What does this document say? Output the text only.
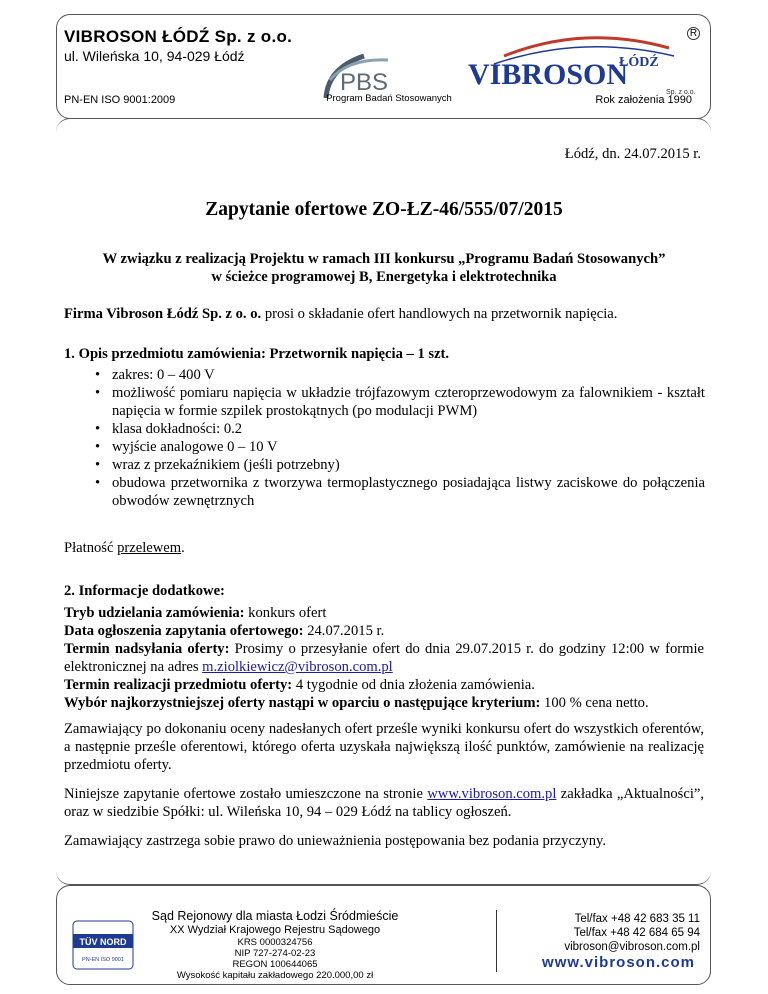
VIBROSON ŁÓDŹ Sp. z o.o.
ul. Wileńska 10, 94-029 Łódź
PN-EN ISO 9001:2009
PBS
Program Badań Stosowanych
ŁÓDŹ
VIBROSON
Sp. z o.o.
R
Rok założenia 1990
Łódź, dn. 24.07.2015 r.
Zapytanie ofertowe ZO-ŁZ-46/555/07/2015
W związku z realizacją Projektu w ramach III konkursu „Programu Badań Stosowanych”
w ścieżce programowej B, Energetyka i elektrotechnika

Firma Vibroson Łódź Sp. z o. o. prosi o składanie ofert handlowych na przetwornik napięcia.

1. Opis przedmiotu zamówienia: Przetwornik napięcia – 1 szt.

• zakres: 0 – 400 V
• możliwość pomiaru napięcia w układzie trójfazowym czteroprzewodowym za falownikiem - kształt napięcia w formie szpilek prostokątnych (po modulacji PWM)
• klasa dokładności: 0.2
• wyjście analogowe 0 – 10 V
• wraz z przekaźnikiem (jeśli potrzebny)
• obudowa przetwornika z tworzywa termoplastycznego posiadająca listwy zaciskowe do połączenia obwodów zewnętrznych

Płatność przelewem.

2. Informacje dodatkowe:

Tryb udzielania zamówienia: konkurs ofert
Data ogłoszenia zapytania ofertowego: 24.07.2015 r.
Termin nadsyłania oferty: Prosimy o przesyłanie ofert do dnia 29.07.2015 r. do godziny 12:00 w formie elektronicznej na adres m.ziolkiewicz@vibroson.com.pl
Termin realizacji przedmiotu oferty: 4 tygodnie od dnia złożenia zamówienia.
Wybór najkorzystniejszej oferty nastąpi w oparciu o następujące kryterium: 100 % cena netto.

Zamawiający po dokonaniu oceny nadesłanych ofert prześle wyniki konkursu ofert do wszystkich oferentów, a następnie prześle oferentowi, którego oferta uzyskała największą ilość punktów, zamówienie na realizację przedmiotu oferty.

Niniejsze zapytanie ofertowe zostało umieszczone na stronie www.vibroson.com.pl zakładka „Aktualności”, oraz w siedzibie Spółki: ul. Wileńska 10, 94 – 029 Łódź na tablicy ogłoszeń.

Zamawiający zastrzega sobie prawo do unieważnienia postępowania bez podania przyczyny.

TÜV NORD
PN-EN ISO 9001
Sąd Rejonowy dla miasta Łodzi Śródmieście
XX Wydział Krajowego Rejestru Sądowego
KRS 0000324756
NIP 727-274-02-23
REGON 100644065
Wysokość kapitału zakładowego 220.000,00 zł
Tel/fax +48 42 683 35 11
Tel/fax +48 42 684 65 94
vibroson@vibroson.com.pl
www.vibroson.com
